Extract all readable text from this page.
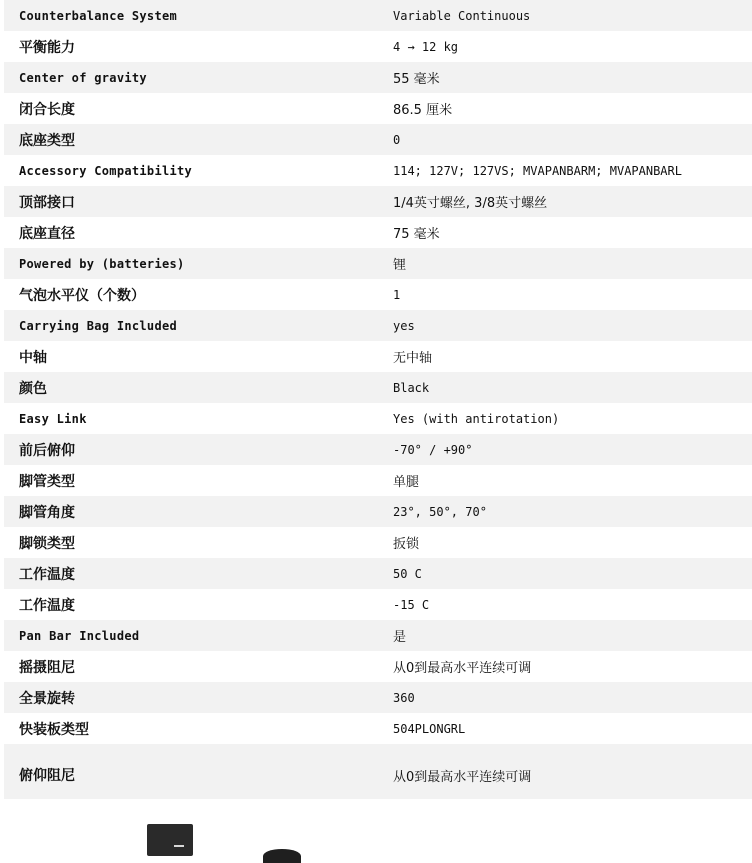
Counterbalance System	Variable Continuous
平衡能力	4 → 12 kg
Center of gravity	55 毫米
闭合长度	86.5 厘米
底座类型	0
Accessory Compatibility	114; 127V; 127VS; MVAPANBARM; MVAPANBARL
顶部接口	1/4英寸螺丝, 3/8英寸螺丝
底座直径	75 毫米
Powered by (batteries)	锂
气泡水平仪（个数）	1
Carrying Bag Included	yes
中轴	无中轴
颜色	Black
Easy Link	Yes (with antirotation)
前后俯仰	-70° / +90°
脚管类型	单腿
脚管角度	23°, 50°, 70°
脚锁类型	扳锁
工作温度	50 C
工作温度	-15 C
Pan Bar Included	是
摇摄阻尼	从0到最高水平连续可调
全景旋转	360
快装板类型	504PLONGRL
俯仰阻尼	从0到最高水平连续可调
